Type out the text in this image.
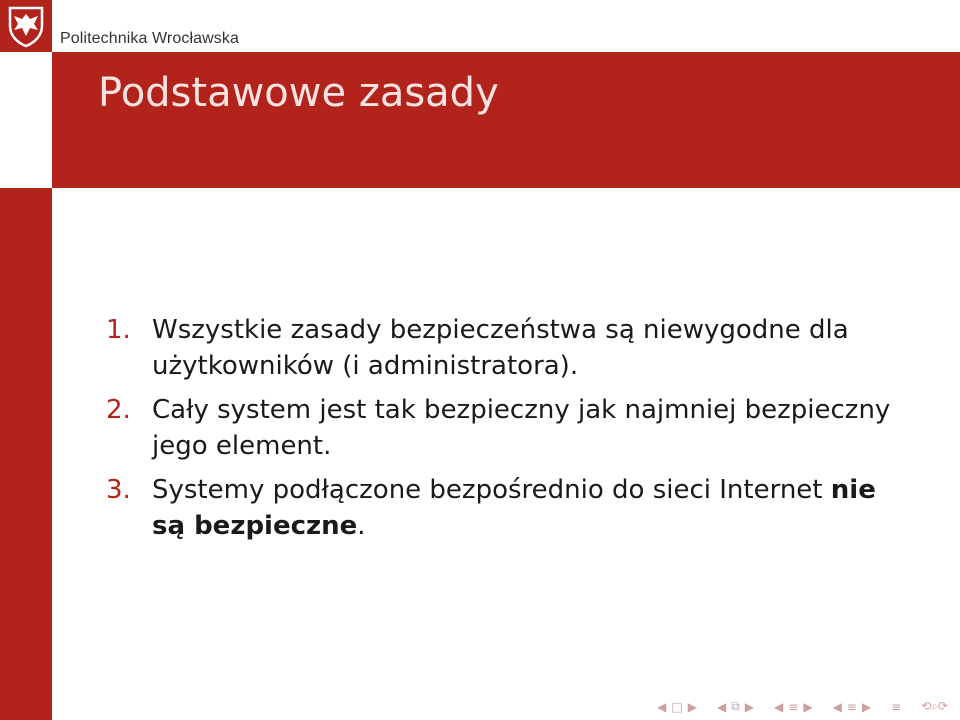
Politechnika Wrocławska
Podstawowe zasady
1. Wszystkie zasady bezpieczeństwa są niewygodne dla użytkowników (i administratora).
2. Cały system jest tak bezpieczny jak najmniej bezpieczny jego element.
3. Systemy podłączone bezpośrednio do sieci Internet nie są bezpieczne.
◀ □ ▶ ◀ ⧉ ▶ ◀ ≡ ▶ ◀ ≡ ▶ ≡ ⟲⌕⟳
